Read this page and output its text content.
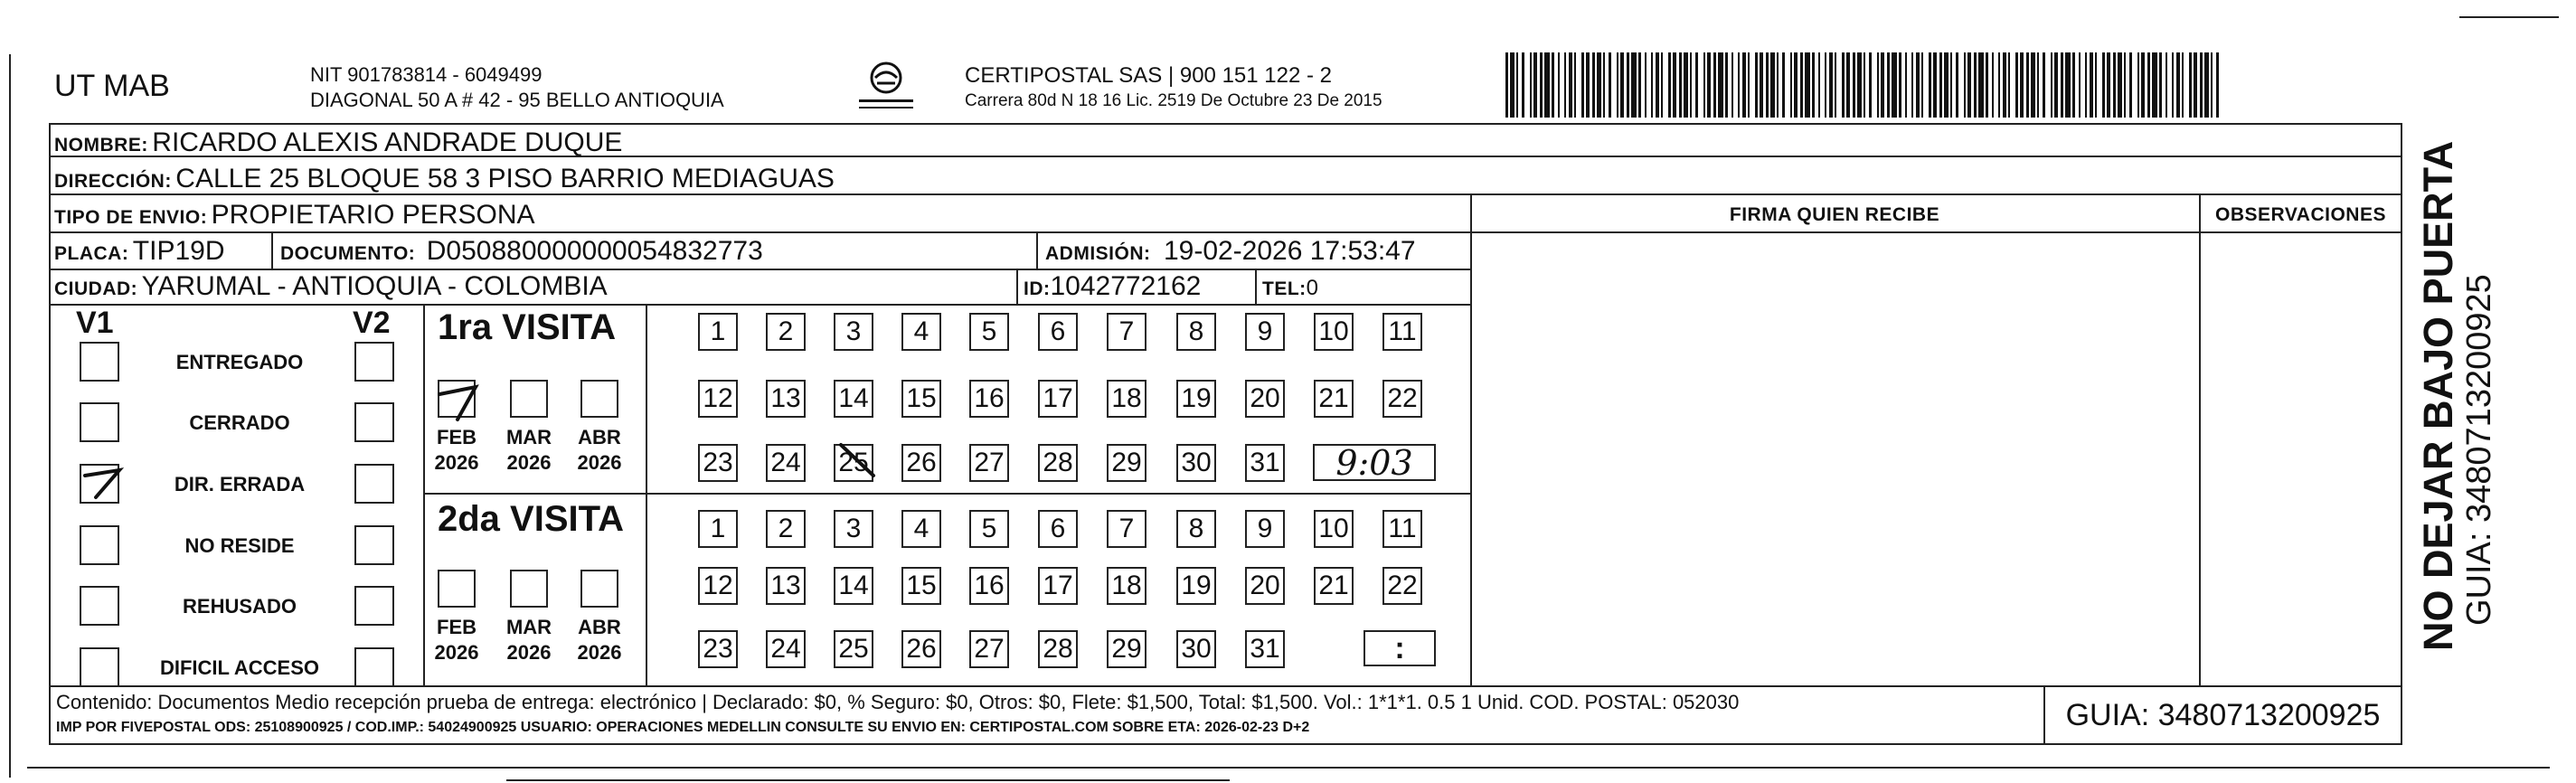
UT MAB	NIT 901783814 - 6049499
DIAGONAL 50 A # 42 - 95 BELLO ANTIOQUIA
CERTIPOSTAL SAS | 900 151 122 - 2
Carrera 80d N 18 16 Lic. 2519 De Octubre 23 De 2015
NOMBRE: RICARDO ALEXIS ANDRADE DUQUE
DIRECCIÓN: CALLE 25 BLOQUE 58 3 PISO BARRIO MEDIAGUAS
TIPO DE ENVIO: PROPIETARIO PERSONA	FIRMA QUIEN RECIBE	OBSERVACIONES
PLACA: TIP19D	DOCUMENTO: D050880000000054832773	ADMISIÓN: 19-02-2026 17:53:47
CIUDAD: YARUMAL - ANTIOQUIA - COLOMBIA	ID:1042772162	TEL:0
V1	V2
ENTREGADO
CERRADO
DIR. ERRADA
NO RESIDE
REHUSADO
DIFICIL ACCESO
1ra VISITA
FEB
2026
MAR
2026
ABR
2026
1	2	3	4	5	6	7	8	9	10 11
12 13 14 15 16 17 18 19 20 21 22
23 24 25 26 27 28 29 30 31	9:03
2da VISITA
FEB
2026
MAR
2026
ABR
2026
1	2	3	4	5	6	7	8	9	10 11
12 13 14 15 16 17 18 19 20 21 22
23 24 25 26 27 28 29 30 31	:
Contenido: Documentos Medio recepción prueba de entrega: electrónico | Declarado: $0, % Seguro: $0, Otros: $0, Flete: $1,500, Total: $1,500. Vol.: 1*1*1. 0.5 1 Unid. COD. POSTAL: 052030
IMP POR FIVEPOSTAL ODS: 25108900925 / COD.IMP.: 54024900925 USUARIO: OPERACIONES MEDELLIN CONSULTE SU ENVIO EN: CERTIPOSTAL.COM SOBRE ETA: 2026-02-23 D+2	GUIA: 3480713200925
NO DEJAR BAJO PUERTA GUIA: 3480713200925
